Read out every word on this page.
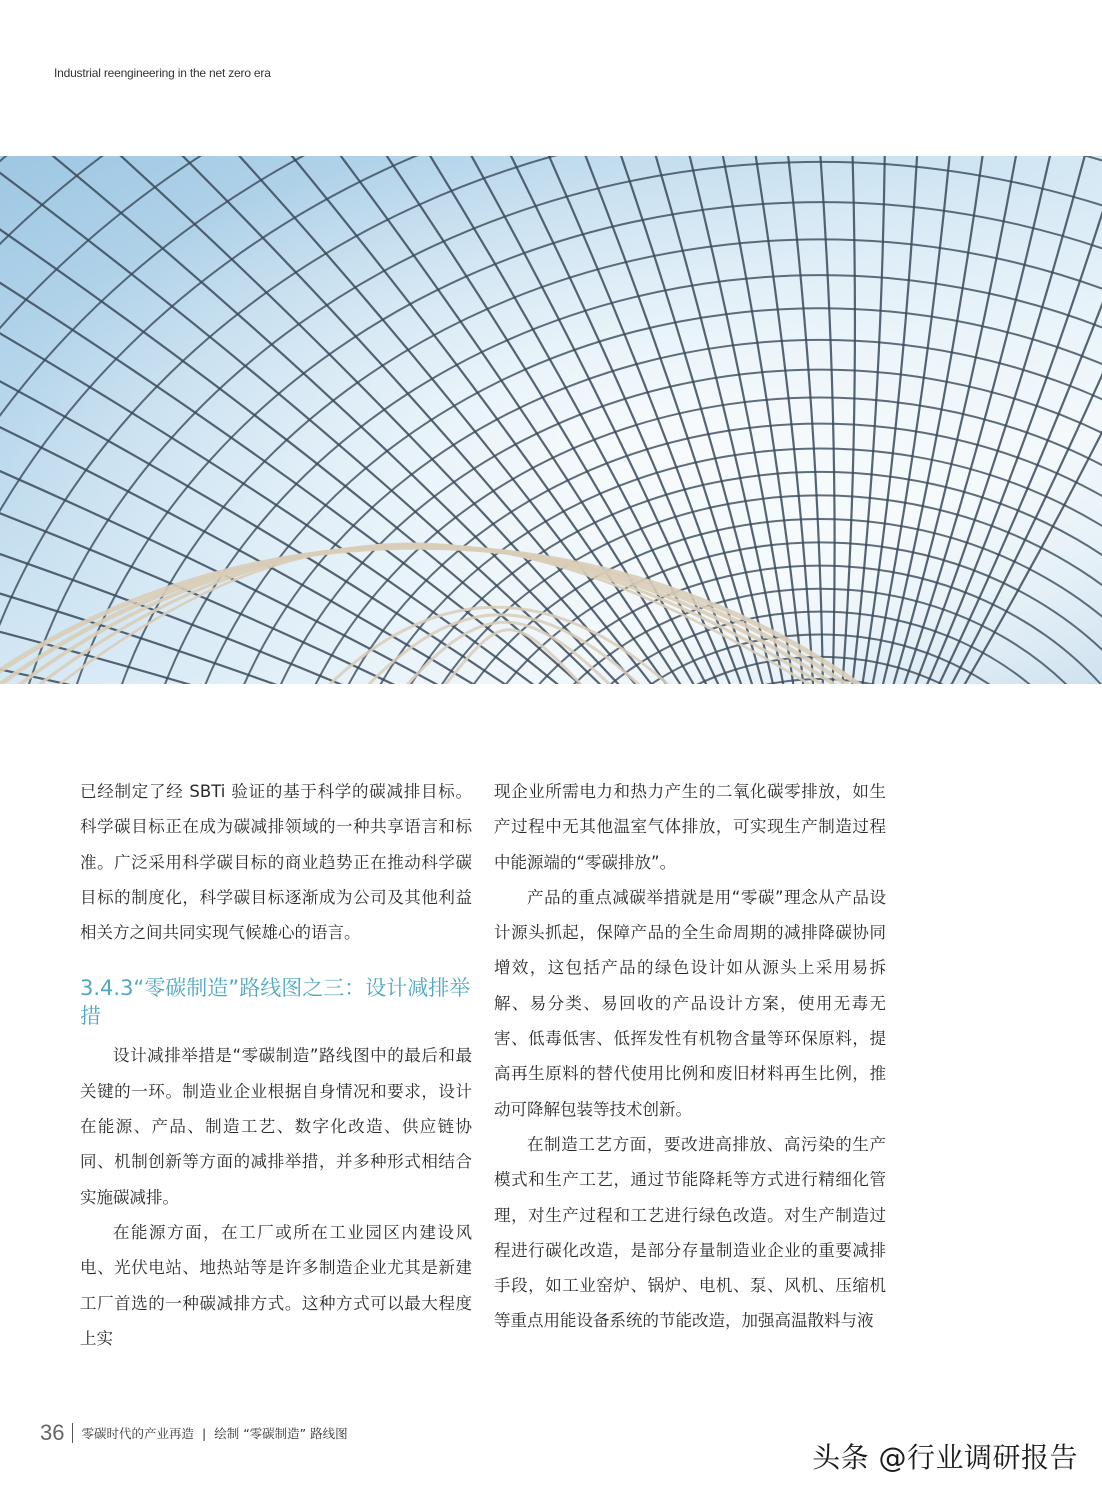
Industrial reengineering in the net zero era

已经制定了经 SBTi 验证的基于科学的碳减排目标。科学碳目标正在成为碳减排领域的一种共享语言和标准。广泛采用科学碳目标的商业趋势正在推动科学碳目标的制度化，科学碳目标逐渐成为公司及其他利益相关方之间共同实现气候雄心的语言。

3.4.3“零碳制造”路线图之三：设计减排举措

设计减排举措是“零碳制造”路线图中的最后和最关键的一环。制造业企业根据自身情况和要求，设计在能源、产品、制造工艺、数字化改造、供应链协同、机制创新等方面的减排举措，并多种形式相结合实施碳减排。

在能源方面，在工厂或所在工业园区内建设风电、光伏电站、地热站等是许多制造企业尤其是新建工厂首选的一种碳减排方式。这种方式可以最大程度上实

现企业所需电力和热力产生的二氧化碳零排放，如生产过程中无其他温室气体排放，可实现生产制造过程中能源端的“零碳排放”。

产品的重点减碳举措就是用“零碳”理念从产品设计源头抓起，保障产品的全生命周期的减排降碳协同增效，这包括产品的绿色设计如从源头上采用易拆解、易分类、易回收的产品设计方案，使用无毒无害、低毒低害、低挥发性有机物含量等环保原料，提高再生原料的替代使用比例和废旧材料再生比例，推动可降解包装等技术创新。

在制造工艺方面，要改进高排放、高污染的生产模式和生产工艺，通过节能降耗等方式进行精细化管理，对生产过程和工艺进行绿色改造。对生产制造过程进行碳化改造，是部分存量制造业企业的重要减排手段，如工业窑炉、锅炉、电机、泵、风机、压缩机等重点用能设备系统的节能改造，加强高温散料与液

36 零碳时代的产业再造 | 绘制 “零碳制造” 路线图
头条 @行业调研报告
